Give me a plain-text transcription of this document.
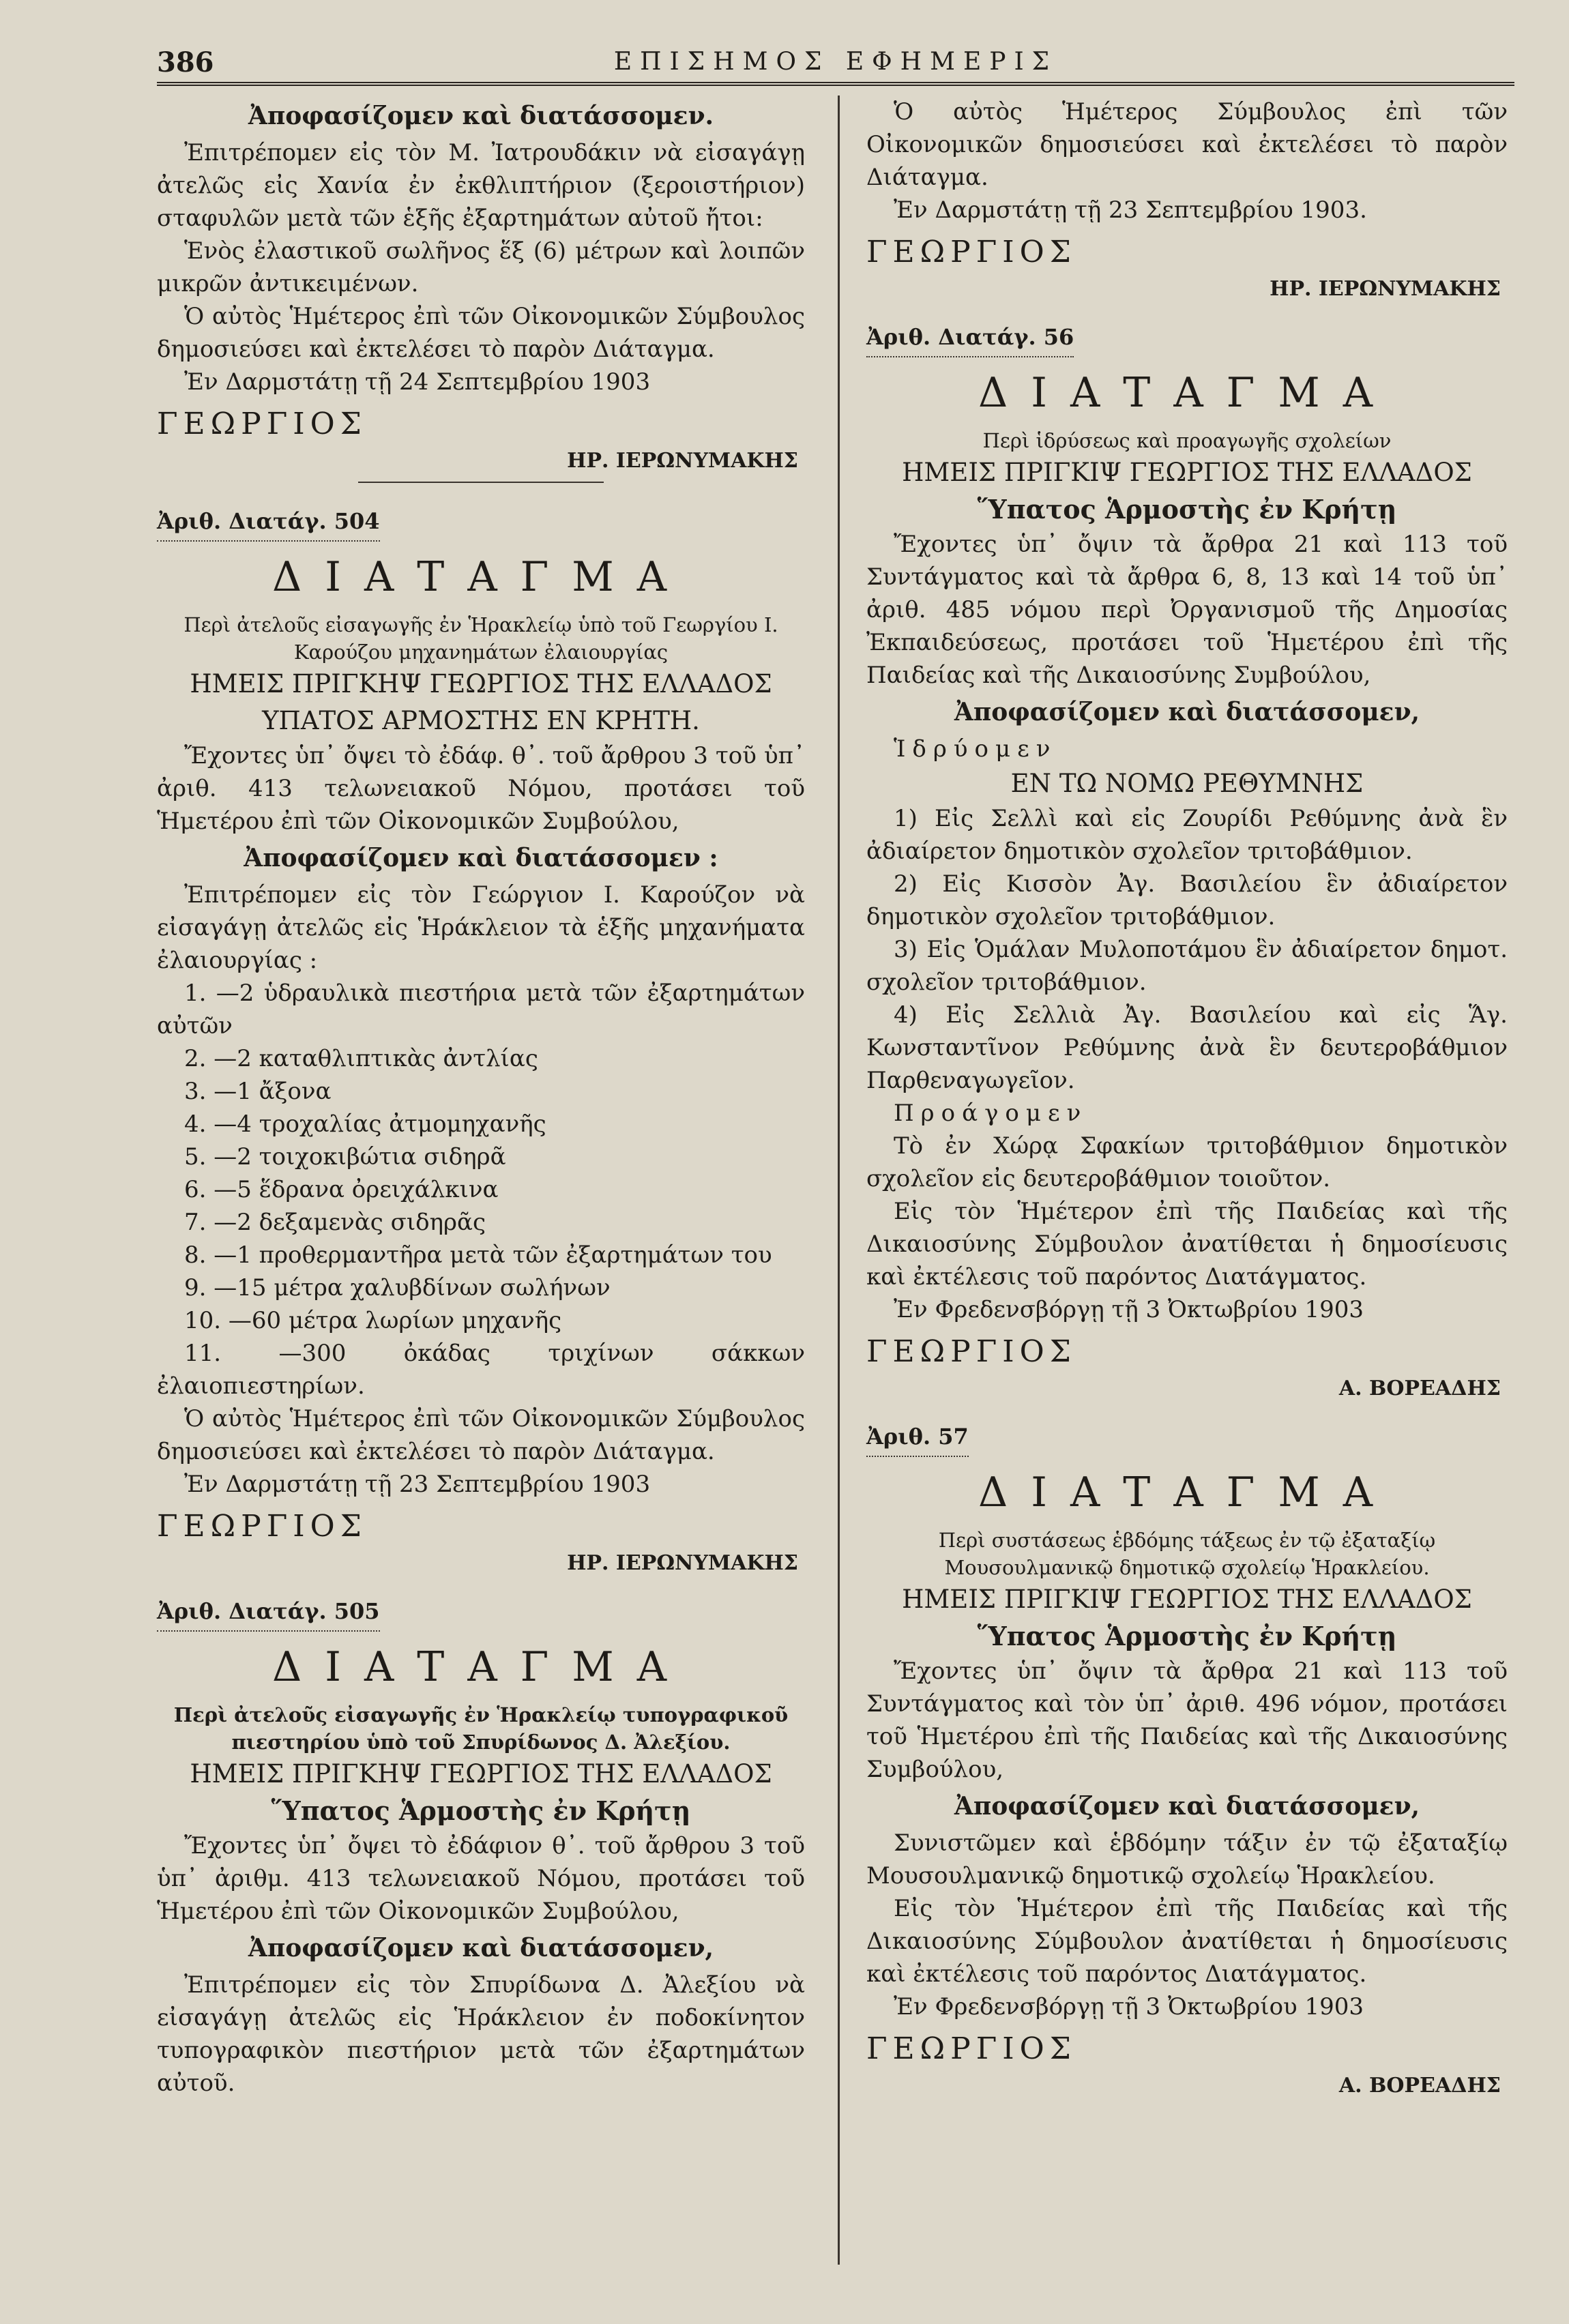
386	ΕΠΙΣΗΜΟΣ ΕΦΗΜΕΡΙΣ
Ἀποφασίζομεν καὶ διατάσσομεν.

Ἐπιτρέπομεν εἰς τὸν Μ. Ἰατρουδάκιν νὰ εἰσαγάγῃ ἀτελῶς εἰς Χανία ἐν ἐκθλιπτήριον (ξεροιστήριον) σταφυλῶν μετὰ τῶν ἑξῆς ἐξαρτημάτων αὐτοῦ ἤτοι:

Ἑνὸς ἐλαστικοῦ σωλῆνος ἕξ (6) μέτρων καὶ λοιπῶν μικρῶν ἀντικειμένων.

Ὁ αὐτὸς Ἡμέτερος ἐπὶ τῶν Οἰκονομικῶν Σύμβουλος δημοσιεύσει καὶ ἐκτελέσει τὸ παρὸν Διάταγμα.

Ἐν Δαρμστάτῃ τῇ 24 Σεπτεμβρίου 1903

ΓΕΩΡΓΙΟΣ
ΗΡ. ΙΕΡΩΝΥΜΑΚΗΣ
Ἀριθ. Διατάγ. 504
ΔΙΑΤΑΓΜΑ
Περὶ ἀτελοῦς εἰσαγωγῆς ἐν Ἡρακλείῳ ὑπὸ τοῦ Γεωργίου Ι. Καρούζου μηχανημάτων ἐλαιουργίας
ΗΜΕΙΣ ΠΡΙΓΚΗΨ ΓΕΩΡΓΙΟΣ ΤΗΣ ΕΛΛΑΔΟΣ
ΥΠΑΤΟΣ ΑΡΜΟΣΤΗΣ ΕΝ ΚΡΗΤΗ.

Ἔχοντες ὑπ᾽ ὄψει τὸ ἐδάφ. θ᾽. τοῦ ἄρθρου 3 τοῦ ὑπ᾽ ἀριθ. 413 τελωνειακοῦ Νόμου, προτάσει τοῦ Ἡμετέρου ἐπὶ τῶν Οἰκονομικῶν Συμβούλου,

Ἀποφασίζομεν καὶ διατάσσομεν :

Ἐπιτρέπομεν εἰς τὸν Γεώργιον Ι. Καρούζον νὰ εἰσαγάγῃ ἀτελῶς εἰς Ἡράκλειον τὰ ἑξῆς μηχανήματα ἐλαιουργίας :

1. —2 ὑδραυλικὰ πιεστήρια μετὰ τῶν ἐξαρτημάτων αὐτῶν

2. —2 καταθλιπτικὰς ἀντλίας

3. —1 ἄξονα

4. —4 τροχαλίας ἀτμομηχανῆς

5. —2 τοιχοκιβώτια σιδηρᾶ

6. —5 ἕδρανα ὀρειχάλκινα

7. —2 δεξαμενὰς σιδηρᾶς

8. —1 προθερμαντῆρα μετὰ τῶν ἐξαρτημάτων του

9. —15 μέτρα χαλυβδίνων σωλήνων

10. —60 μέτρα λωρίων μηχανῆς

11. —300 ὀκάδας τριχίνων σάκκων ἐλαιοπιεστηρίων.

Ὁ αὐτὸς Ἡμέτερος ἐπὶ τῶν Οἰκονομικῶν Σύμβουλος δημοσιεύσει καὶ ἐκτελέσει τὸ παρὸν Διάταγμα.

Ἐν Δαρμστάτῃ τῇ 23 Σεπτεμβρίου 1903

ΓΕΩΡΓΙΟΣ
ΗΡ. ΙΕΡΩΝΥΜΑΚΗΣ
Ἀριθ. Διατάγ. 505
ΔΙΑΤΑΓΜΑ
Περὶ ἀτελοῦς εἰσαγωγῆς ἐν Ἡρακλείῳ τυπογραφικοῦ πιεστηρίου ὑπὸ τοῦ Σπυρίδωνος Δ. Ἀλεξίου.
ΗΜΕΙΣ ΠΡΙΓΚΗΨ ΓΕΩΡΓΙΟΣ ΤΗΣ ΕΛΛΑΔΟΣ
Ὕπατος Ἁρμοστὴς ἐν Κρήτῃ

Ἔχοντες ὑπ᾽ ὄψει τὸ ἐδάφιον θ᾽. τοῦ ἄρθρου 3 τοῦ ὑπ᾽ ἀριθμ. 413 τελωνειακοῦ Νόμου, προτάσει τοῦ Ἡμετέρου ἐπὶ τῶν Οἰκονομικῶν Συμβούλου,

Ἀποφασίζομεν καὶ διατάσσομεν,

Ἐπιτρέπομεν εἰς τὸν Σπυρίδωνα Δ. Ἀλεξίου νὰ εἰσαγάγῃ ἀτελῶς εἰς Ἡράκλειον ἐν ποδοκίνητον τυπογραφικὸν πιεστήριον μετὰ τῶν ἐξαρτημάτων αὐτοῦ.

Ὁ αὐτὸς Ἡμέτερος Σύμβουλος ἐπὶ τῶν Οἰκονομικῶν δημοσιεύσει καὶ ἐκτελέσει τὸ παρὸν Διάταγμα.

Ἐν Δαρμστάτῃ τῇ 23 Σεπτεμβρίου 1903.

ΓΕΩΡΓΙΟΣ
ΗΡ. ΙΕΡΩΝΥΜΑΚΗΣ
Ἀριθ. Διατάγ. 56
ΔΙΑΤΑΓΜΑ
Περὶ ἱδρύσεως καὶ προαγωγῆς σχολείων
ΗΜΕΙΣ ΠΡΙΓΚΙΨ ΓΕΩΡΓΙΟΣ ΤΗΣ ΕΛΛΑΔΟΣ
Ὕπατος Ἁρμοστὴς ἐν Κρήτῃ

Ἔχοντες ὑπ᾽ ὄψιν τὰ ἄρθρα 21 καὶ 113 τοῦ Συντάγματος καὶ τὰ ἄρθρα 6, 8, 13 καὶ 14 τοῦ ὑπ᾽ ἀριθ. 485 νόμου περὶ Ὀργανισμοῦ τῆς Δημοσίας Ἐκπαιδεύσεως, προτάσει τοῦ Ἡμετέρου ἐπὶ τῆς Παιδείας καὶ τῆς Δικαιοσύνης Συμβούλου,

Ἀποφασίζομεν καὶ διατάσσομεν,

Ἱδρύομεν

ΕΝ ΤΩ ΝΟΜΩ ΡΕΘΥΜΝΗΣ

1) Εἰς Σελλὶ καὶ εἰς Ζουρίδι Ρεθύμνης ἀνὰ ἓν ἀδιαίρετον δημοτικὸν σχολεῖον τριτοβάθμιον.

2) Εἰς Κισσὸν Ἀγ. Βασιλείου ἓν ἀδιαίρετον δημοτικὸν σχολεῖον τριτοβάθμιον.

3) Εἰς Ὁμάλαν Μυλοποτάμου ἓν ἀδιαίρετον δημοτ. σχολεῖον τριτοβάθμιον.

4) Εἰς Σελλιὰ Ἀγ. Βασιλείου καὶ εἰς Ἅγ. Κωνσταντῖνον Ρεθύμνης ἀνὰ ἓν δευτεροβάθμιον Παρθεναγωγεῖον.

Προάγομεν

Τὸ ἐν Χώρᾳ Σφακίων τριτοβάθμιον δημοτικὸν σχολεῖον εἰς δευτεροβάθμιον τοιοῦτον.

Εἰς τὸν Ἡμέτερον ἐπὶ τῆς Παιδείας καὶ τῆς Δικαιοσύνης Σύμβουλον ἀνατίθεται ἡ δημοσίευσις καὶ ἐκτέλεσις τοῦ παρόντος Διατάγματος.

Ἐν Φρεδενσβόργῃ τῇ 3 Ὀκτωβρίου 1903

ΓΕΩΡΓΙΟΣ
Α. ΒΟΡΕΑΔΗΣ
Ἀριθ. 57
ΔΙΑΤΑΓΜΑ
Περὶ συστάσεως ἑβδόμης τάξεως ἐν τῷ ἐξαταξίῳ Μουσουλμανικῷ δημοτικῷ σχολείῳ Ἡρακλείου.
ΗΜΕΙΣ ΠΡΙΓΚΙΨ ΓΕΩΡΓΙΟΣ ΤΗΣ ΕΛΛΑΔΟΣ
Ὕπατος Ἁρμοστὴς ἐν Κρήτῃ

Ἔχοντες ὑπ᾽ ὄψιν τὰ ἄρθρα 21 καὶ 113 τοῦ Συντάγματος καὶ τὸν ὑπ᾽ ἀριθ. 496 νόμον, προτάσει τοῦ Ἡμετέρου ἐπὶ τῆς Παιδείας καὶ τῆς Δικαιοσύνης Συμβούλου,

Ἀποφασίζομεν καὶ διατάσσομεν,

Συνιστῶμεν καὶ ἑβδόμην τάξιν ἐν τῷ ἐξαταξίῳ Μουσουλμανικῷ δημοτικῷ σχολείῳ Ἡρακλείου.

Εἰς τὸν Ἡμέτερον ἐπὶ τῆς Παιδείας καὶ τῆς Δικαιοσύνης Σύμβουλον ἀνατίθεται ἡ δημοσίευσις καὶ ἐκτέλεσις τοῦ παρόντος Διατάγματος.

Ἐν Φρεδενσβόργῃ τῇ 3 Ὀκτωβρίου 1903

ΓΕΩΡΓΙΟΣ
Α. ΒΟΡΕΑΔΗΣ
